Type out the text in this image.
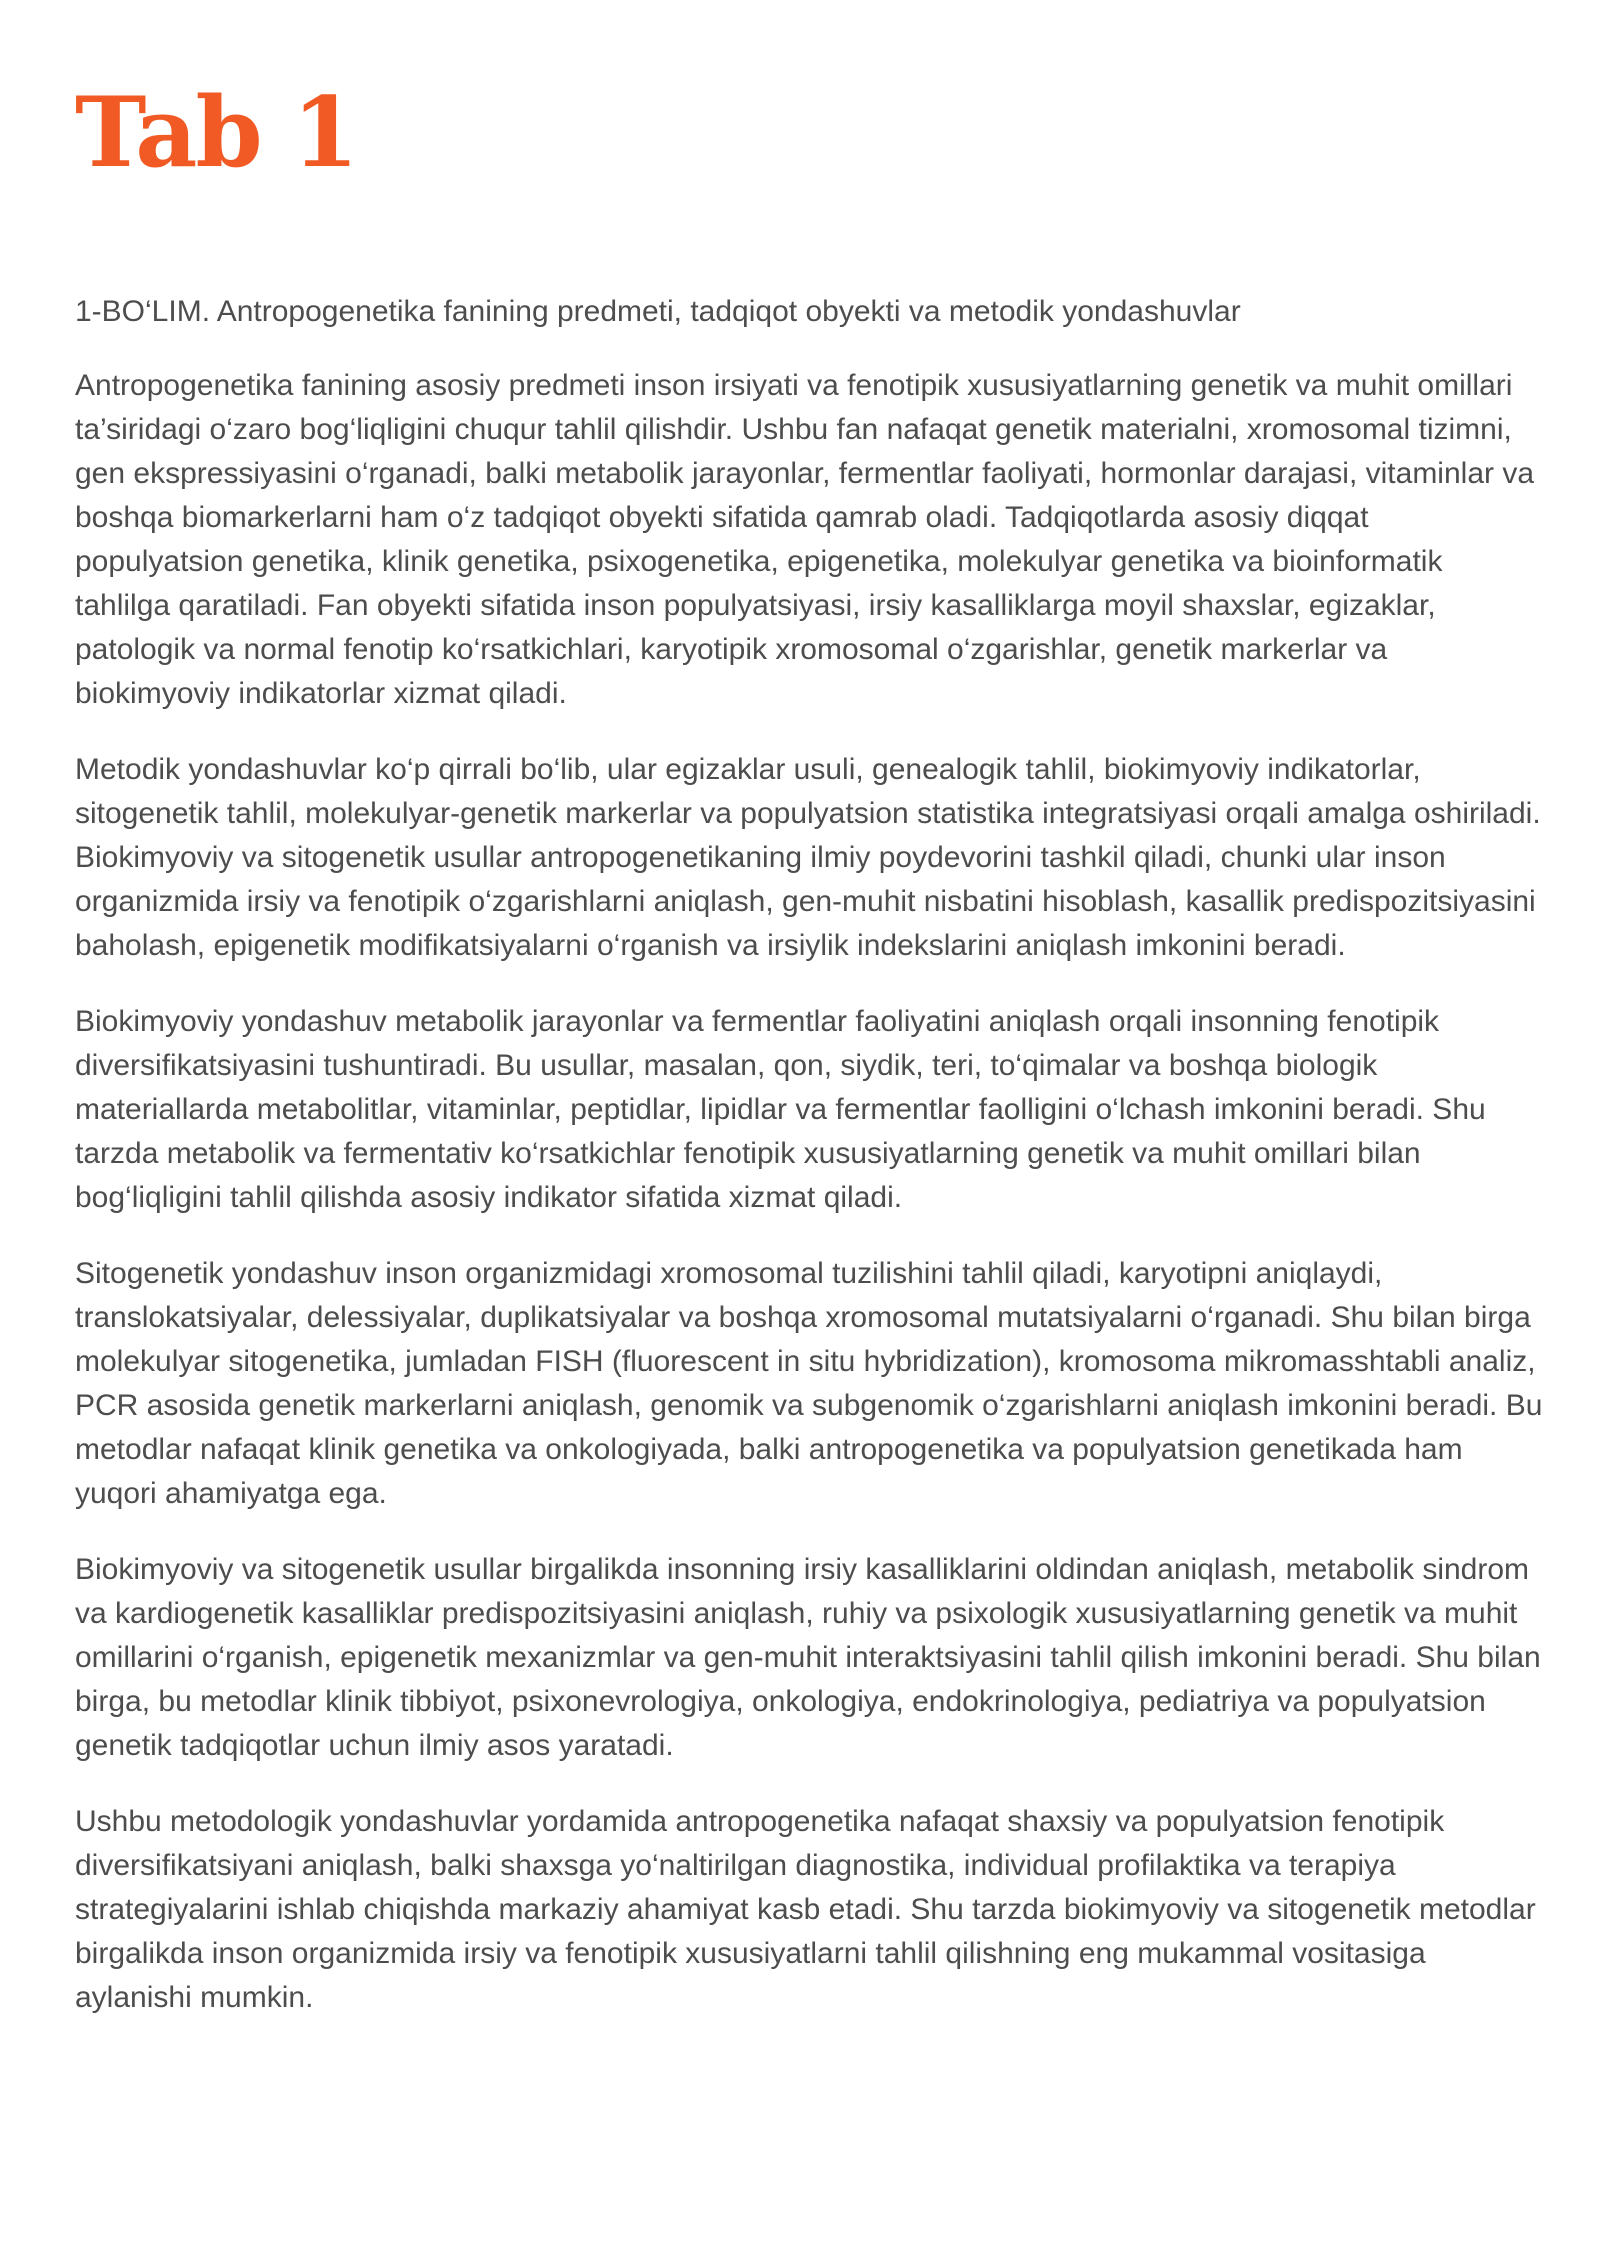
Tab 1

1-BO‘LIM. Antropogenetika fanining predmeti, tadqiqot obyekti va metodik yondashuvlar

Antropogenetika fanining asosiy predmeti inson irsiyati va fenotipik xususiyatlarning genetik va muhit omillari ta’siridagi o‘zaro bog‘liqligini chuqur tahlil qilishdir. Ushbu fan nafaqat genetik materialni, xromosomal tizimni, gen ekspressiyasini o‘rganadi, balki metabolik jarayonlar, fermentlar faoliyati, hormonlar darajasi, vitaminlar va boshqa biomarkerlarni ham o‘z tadqiqot obyekti sifatida qamrab oladi. Tadqiqotlarda asosiy diqqat populyatsion genetika, klinik genetika, psixogenetika, epigenetika, molekulyar genetika va bioinformatik tahlilga qaratiladi. Fan obyekti sifatida inson populyatsiyasi, irsiy kasalliklarga moyil shaxslar, egizaklar, patologik va normal fenotip ko‘rsatkichlari, karyotipik xromosomal o‘zgarishlar, genetik markerlar va biokimyoviy indikatorlar xizmat qiladi.

Metodik yondashuvlar ko‘p qirrali bo‘lib, ular egizaklar usuli, genealogik tahlil, biokimyoviy indikatorlar, sitogenetik tahlil, molekulyar-genetik markerlar va populyatsion statistika integratsiyasi orqali amalga oshiriladi. Biokimyoviy va sitogenetik usullar antropogenetikaning ilmiy poydevorini tashkil qiladi, chunki ular inson organizmida irsiy va fenotipik o‘zgarishlarni aniqlash, gen-muhit nisbatini hisoblash, kasallik predispozitsiyasini baholash, epigenetik modifikatsiyalarni o‘rganish va irsiylik indekslarini aniqlash imkonini beradi.

Biokimyoviy yondashuv metabolik jarayonlar va fermentlar faoliyatini aniqlash orqali insonning fenotipik diversifikatsiyasini tushuntiradi. Bu usullar, masalan, qon, siydik, teri, to‘qimalar va boshqa biologik materiallarda metabolitlar, vitaminlar, peptidlar, lipidlar va fermentlar faolligini o‘lchash imkonini beradi. Shu tarzda metabolik va fermentativ ko‘rsatkichlar fenotipik xususiyatlarning genetik va muhit omillari bilan bog‘liqligini tahlil qilishda asosiy indikator sifatida xizmat qiladi.

Sitogenetik yondashuv inson organizmidagi xromosomal tuzilishini tahlil qiladi, karyotipni aniqlaydi, translokatsiyalar, delessiyalar, duplikatsiyalar va boshqa xromosomal mutatsiyalarni o‘rganadi. Shu bilan birga molekulyar sitogenetika, jumladan FISH (fluorescent in situ hybridization), kromosoma mikromasshtabli analiz, PCR asosida genetik markerlarni aniqlash, genomik va subgenomik o‘zgarishlarni aniqlash imkonini beradi. Bu metodlar nafaqat klinik genetika va onkologiyada, balki antropogenetika va populyatsion genetikada ham yuqori ahamiyatga ega.

Biokimyoviy va sitogenetik usullar birgalikda insonning irsiy kasalliklarini oldindan aniqlash, metabolik sindrom va kardiogenetik kasalliklar predispozitsiyasini aniqlash, ruhiy va psixologik xususiyatlarning genetik va muhit omillarini o‘rganish, epigenetik mexanizmlar va gen-muhit interaktsiyasini tahlil qilish imkonini beradi. Shu bilan birga, bu metodlar klinik tibbiyot, psixonevrologiya, onkologiya, endokrinologiya, pediatriya va populyatsion genetik tadqiqotlar uchun ilmiy asos yaratadi.

Ushbu metodologik yondashuvlar yordamida antropogenetika nafaqat shaxsiy va populyatsion fenotipik diversifikatsiyani aniqlash, balki shaxsga yo‘naltirilgan diagnostika, individual profilaktika va terapiya strategiyalarini ishlab chiqishda markaziy ahamiyat kasb etadi. Shu tarzda biokimyoviy va sitogenetik metodlar birgalikda inson organizmida irsiy va fenotipik xususiyatlarni tahlil qilishning eng mukammal vositasiga aylanishi mumkin.
